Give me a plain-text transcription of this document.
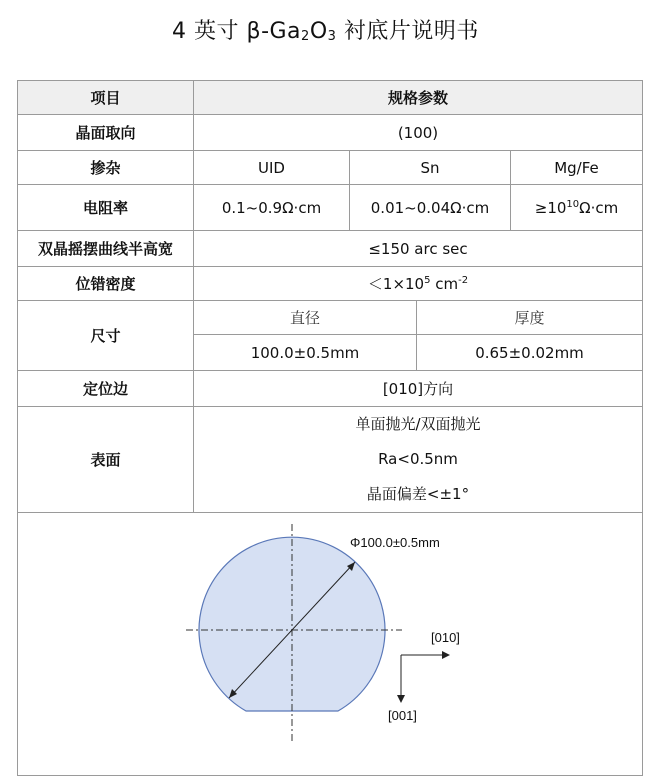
4 英寸 $\beta-Ga_2O_3$ 衬底片说明书
项目	规格参数			
晶面取向	(100)			
掺杂	UID	Sn		Mg/Fe
电阻率	0.1~0.9Ω·cm	0.01~0.04Ω·cm		$\ge 10^{10}\Omega\cdot cm$
双晶摇摆曲线半高宽	≤150 arc sec			
位错密度	$<1\times 10^5$ $cm^{-2}$
尺寸	直径		厚度	
	100.0±0.5mm		0.65±0.02mm	
定位边	[010]方向			
表面	单面抛光/双面抛光
Ra<0.5nm
晶面偏差<±1°			

Φ100.0±0.5mm
[010]
[001]				
